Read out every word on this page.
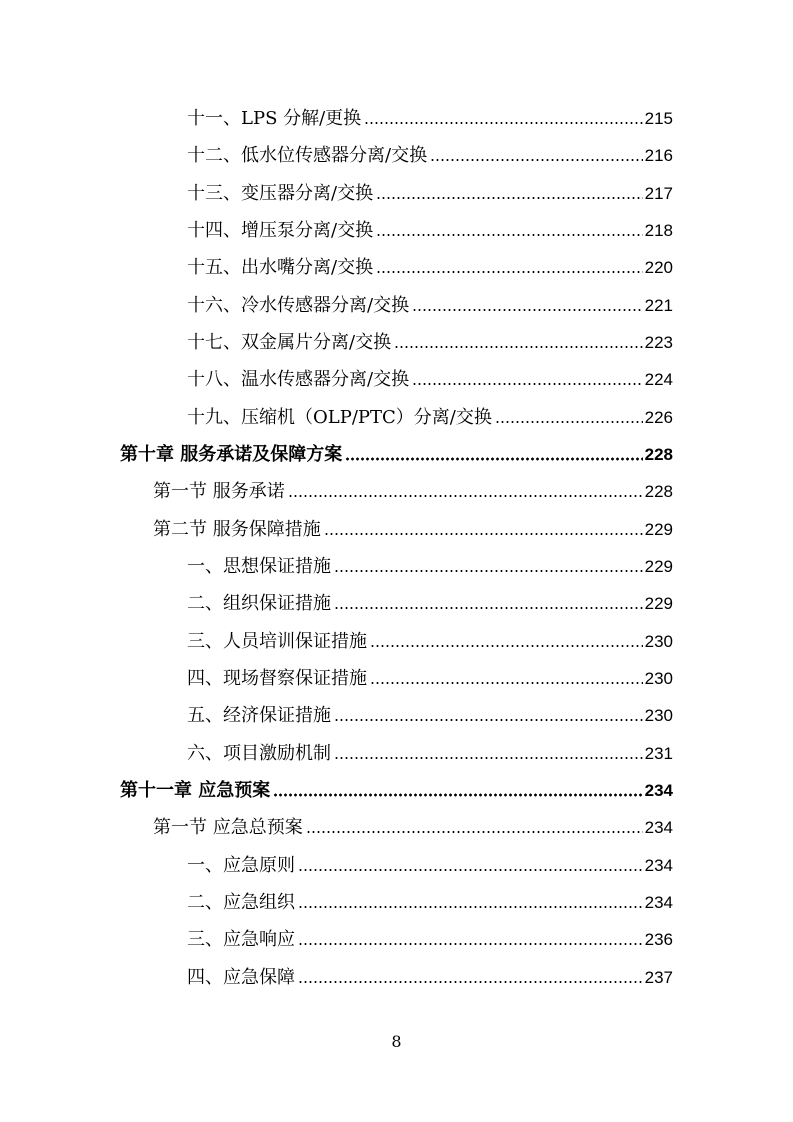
十一、LPS 分解/更换	215
十二、低水位传感器分离/交换	216
十三、变压器分离/交换	217
十四、增压泵分离/交换	218
十五、出水嘴分离/交换	220
十六、冷水传感器分离/交换	221
十七、双金属片分离/交换	223
十八、温水传感器分离/交换	224
十九、压缩机（OLP/PTC）分离/交换	226
第十章 服务承诺及保障方案	228
第一节 服务承诺	228
第二节 服务保障措施	229
一、思想保证措施	229
二、组织保证措施	229
三、人员培训保证措施	230
四、现场督察保证措施	230
五、经济保证措施	230
六、项目激励机制	231
第十一章 应急预案	234
第一节 应急总预案	234
一、应急原则	234
二、应急组织	234
三、应急响应	236
四、应急保障	237
8
